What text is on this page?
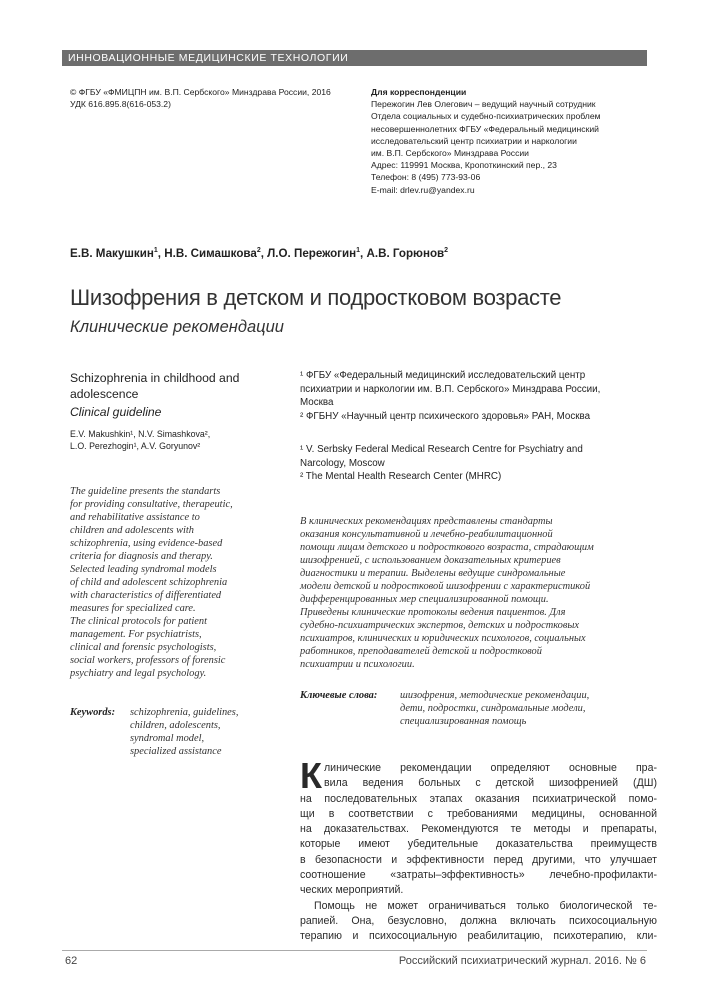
ИННОВАЦИОННЫЕ МЕДИЦИНСКИЕ ТЕХНОЛОГИИ
© ФГБУ «ФМИЦПН им. В.П. Сербского» Минздрава России, 2016
УДК 616.895.8(616-053.2)
Для корреспонденции
Пережогин Лев Олегович – ведущий научный сотрудник
Отдела социальных и судебно-психиатрических проблем
несовершеннолетних ФГБУ «Федеральный медицинский
исследовательский центр психиатрии и наркологии
им. В.П. Сербского» Минздрава России
Адрес: 119991 Москва, Кропоткинский пер., 23
Телефон: 8 (495) 773-93-06
E-mail: drlev.ru@yandex.ru
Е.В. Макушкин$^1$, Н.В. Симашкова$^2$, Л.О. Пережогин$^1$, А.В. Горюнов$^2$
Шизофрения в детском и подростковом возрасте
Клинические рекомендации
Schizophrenia in childhood and adolescence
Clinical guideline
E.V. Makushkin¹, N.V. Simashkova²,
L.O. Perezhogin¹, A.V. Goryunov²
¹ ФГБУ «Федеральный медицинский исследовательский центр
психиатрии и наркологии им. В.П. Сербского» Минздрава России,
Москва
² ФГБНУ «Научный центр психического здоровья» РАН, Москва
¹ V. Serbsky Federal Medical Research Centre for Psychiatry and
Narcology, Moscow
² The Mental Health Research Center (MHRC)
The guideline presents the standarts
for providing consultative, therapeutic,
and rehabilitative assistance to
children and adolescents with
schizophrenia, using evidence-based
criteria for diagnosis and therapy.
Selected leading syndromal models
of child and adolescent schizophrenia
with characteristics of differentiated
measures for specialized care.
The clinical protocols for patient
management. For psychiatrists,
clinical and forensic psychologists,
social workers, professors of forensic
psychiatry and legal psychology.
Keywords: schizophrenia, guidelines,
children, adolescents,
syndromal model,
specialized assistance
В клинических рекомендациях представлены стандарты
оказания консультативной и лечебно-реабилитационной
помощи лицам детского и подросткового возраста, страдающим
шизофренией, с использованием доказательных критериев
диагностики и терапии. Выделены ведущие синдромальные
модели детской и подростковой шизофрении с характеристикой
дифференцированных мер специализированной помощи.
Приведены клинические протоколы ведения пациентов. Для
судебно-психиатрических экспертов, детских и подростковых
психиатров, клинических и юридических психологов, социальных
работников, преподавателей детской и подростковой
психиатрии и психологии.
Ключевые слова: шизофрения, методические рекомендации,
дети, подростки, синдромальные модели,
специализированная помощь
К линические рекомендации определяют основные пра-
вила ведения больных с детской шизофренией (ДШ)
на последовательных этапах оказания психиатрической помо-
щи в соответствии с требованиями медицины, основанной
на доказательствах. Рекомендуются те методы и препараты,
которые имеют убедительные доказательства преимуществ
в безопасности и эффективности перед другими, что улучшает
соотношение «затраты–эффективность» лечебно-профилакти-
ческих мероприятий.
Помощь не может ограничиваться только биологической те-
рапией. Она, безусловно, должна включать психосоциальную
терапию и психосоциальную реабилитацию, психотерапию, кли-
62	Российский психиатрический журнал. 2016. № 6
